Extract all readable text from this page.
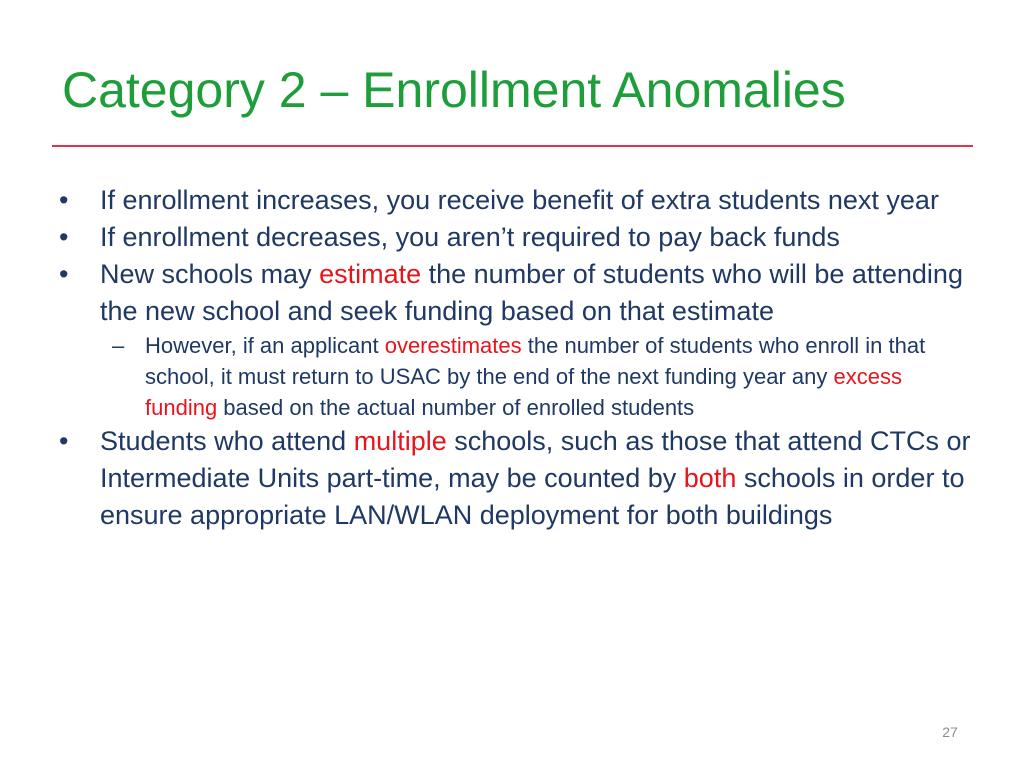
Category 2 – Enrollment Anomalies
•	If enrollment increases, you receive benefit of extra students next year
•	If enrollment decreases, you aren’t required to pay back funds
•	New schools may estimate the number of students who will be attending the new school and seek funding based on that estimate
– However, if an applicant overestimates the number of students who enroll in that school, it must return to USAC by the end of the next funding year any excess funding based on the actual number of enrolled students
•	Students who attend multiple schools, such as those that attend CTCs or Intermediate Units part-time, may be counted by both schools in order to ensure appropriate LAN/WLAN deployment for both buildings
27
